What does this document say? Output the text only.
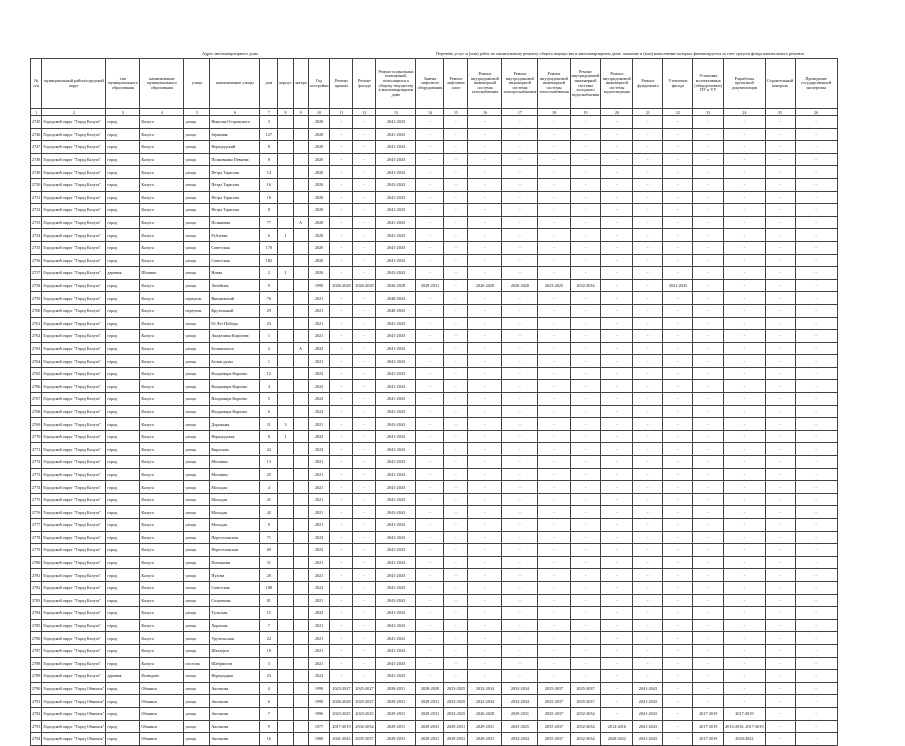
Адрес многоквартирного дома	Перечень услуг и (или) работ по капитальному ремонту общего имущества в многоквартирном доме, оказание и (или) выполнение которых финансируется за счет средств фонда капитального ремонта
№ п/п	муниципальный район/городской округ	тип муниципального образования	наименование муниципального образования	улица	наименование улицы	дом	корпус	литера	Год постройки	Ремонт крыши	Ремонт фасада	Ремонт подвальных помещений, относящихся к общему имуществу в многоквартирном доме	Замена лифтового оборудования	Ремонт лифтовых шахт	Ремонт внутридомовой инженерной системы газоснабжения	Ремонт внутридомовой инженерной системы электроснабжения	Ремонт внутридомовой инженерной системы теплоснабжения	Ремонт внутридомовой инженерной системы холодного водоснабжения	Ремонт внутридомовой инженерной системы водоотведения	Ремонт фундамента	Утепление фасада	Установка коллективных (общедомовых) ПУ и УУ	Разработка проектной документации	Строительный контроль	Проведение государственной экспертизы
1	2	3	4	5	6	7	8	9	10	11	12	13	14	15	16	17	18	19	20	21	22	23	24	25	26
2745	Городской округ "Город Калуга"	город	Калуга	улица	Николая Островского	3			2020	-	-	2041-2043	-	-	-	-	-	-	-	-	-	-	-	-	-
2746	Городской округ "Город Калуга"	город	Калуга	улица	Зерновая	127			2020	-	-	2041-2043	-	-	-	-	-	-	-	-	-	-	-	-	-
2747	Городской округ "Город Калуга"	город	Калуга	улица	Неркундский	8			2020	-	-	2041-2043	-	-	-	-	-	-	-	-	-	-	-	-	-
2748	Городской округ "Город Калуга"	город	Калуга	улица	Полковника Певнева	8			2020	-	-	2041-2043	-	-	-	-	-	-	-	-	-	-	-	-	-
2749	Городской округ "Город Калуга"	город	Калуга	улица	Петра Тарасова	14			2020	-	-	2041-2043	-	-	-	-	-	-	-	-	-	-	-	-	-
2750	Городской округ "Город Калуга"	город	Калуга	улица	Петра Тарасова	16			2020	-	-	2041-2043	-	-	-	-	-	-	-	-	-	-	-	-	-
2751	Городской округ "Город Калуга"	город	Калуга	улица	Петра Тарасова	18			2020	-	-	2041-2043	-	-	-	-	-	-	-	-	-	-	-	-	-
2752	Городской округ "Город Калуга"	город	Калуга	улица	Петра Тарасова	8			2020	-	-	2041-2043	-	-	-	-	-	-	-	-	-	-	-	-	-
2753	Городской округ "Город Калуга"	город	Калуга	улица	Поляковая	77		А	2020	-	-	2041-2043	-	-	-	-	-	-	-	-	-	-	-	-	-
2754	Городской округ "Город Калуга"	город	Калуга	улица	Рублевка	6	1		2020	-	-	2041-2043	-	-	-	-	-	-	-	-	-	-	-	-	-
2755	Городской округ "Город Калуга"	город	Калуга	улица	Советская	170			2020	-	-	2041-2043	-	-	-	-	-	-	-	-	-	-	-	-	-
2756	Городской округ "Город Калуга"	город	Калуга	улица	Советская	182			2020	-	-	2041-2043	-	-	-	-	-	-	-	-	-	-	-	-	-
2757	Городской округ "Город Калуга"	деревня	Шопино	улица	Новая	2	1		2020	-	-	2041-2043	-	-	-	-	-	-	-	-	-	-	-	-	-
2758	Городской округ "Город Калуга"	город	Калуга	улица	Литейная	9			1999	2026-2028	2026-2028	2026-2028	2029-2031	-	2026-2028	2026-2028	2023-2025	2032-2034	-	-	2041-2043	-	-	-	-
2759	Городской округ "Город Калуга"	город	Калуга	переулок	Вишневский	76			2021	-	-	2040-2043	-	-	-	-	-	-	-	-	-	-	-	-	-
2760	Городской округ "Город Калуга"	город	Калуга	переулок	Крутольный	29			2021	-	-	2040-2043	-	-	-	-	-	-	-	-	-	-	-	-	-
2761	Городской округ "Город Калуга"	город	Калуга	улица	65 Лет Победы	23			2021	-	-	2041-2043	-	-	-	-	-	-	-	-	-	-	-	-	-
2762	Городской округ "Город Калуга"	город	Калуга	улица	Академика Королева	1			2021	-	-	2041-2043	-	-	-	-	-	-	-	-	-	-	-	-	-
2763	Городской округ "Город Калуга"	город	Калуга	улица	Бельмонтого	2		А	2022	-	-	2041-2043	-	-	-	-	-	-	-	-	-	-	-	-	-
2764	Городской округ "Город Калуга"	город	Калуга	улица	Белые руны	1			2021	-	-	2041-2043	-	-	-	-	-	-	-	-	-	-	-	-	-
2765	Городской округ "Город Калуга"	город	Калуга	улица	Владимира Короева	12			2022	-	-	2041-2043	-	-	-	-	-	-	-	-	-	-	-	-	-
2766	Городской округ "Город Калуга"	город	Калуга	улица	Владимира Короева	4			2022	-	-	2041-2043	-	-	-	-	-	-	-	-	-	-	-	-	-
2767	Городской округ "Город Калуга"	город	Калуга	улица	Владимира Короева	5			2022	-	-	2041-2043	-	-	-	-	-	-	-	-	-	-	-	-	-
2768	Городской округ "Город Калуга"	город	Калуга	улица	Владимира Короева	6			2022	-	-	2041-2043	-	-	-	-	-	-	-	-	-	-	-	-	-
2769	Городской округ "Город Калуга"	город	Калуга	улица	Дорожная	11	3		2021	-	-	2041-2043	-	-	-	-	-	-	-	-	-	-	-	-	-
2770	Городской округ "Город Калуга"	город	Калуга	улица	Неркундская	8	1		2022	-	-	2041-2043	-	-	-	-	-	-	-	-	-	-	-	-	-
2771	Городской округ "Город Калуга"	город	Калуга	улица	Кирилова	22			2022	-	-	2041-2043	-	-	-	-	-	-	-	-	-	-	-	-	-
2772	Городской округ "Город Калуга"	город	Калуга	улица	Москвин	13			2021	-	-	2041-2043	-	-	-	-	-	-	-	-	-	-	-	-	-
2773	Городской округ "Город Калуга"	город	Калуга	улица	Москвин	25			2021	-	-	2041-2043	-	-	-	-	-	-	-	-	-	-	-	-	-
2774	Городской округ "Город Калуга"	город	Калуга	улица	Молодая	4			2021	-	-	2041-2043	-	-	-	-	-	-	-	-	-	-	-	-	-
2775	Городской округ "Город Калуга"	город	Калуга	улица	Молодая	41			2021	-	-	2041-2043	-	-	-	-	-	-	-	-	-	-	-	-	-
2776	Городской округ "Город Калуга"	город	Калуга	улица	Молодая	42			2021	-	-	2041-2043	-	-	-	-	-	-	-	-	-	-	-	-	-
2777	Городской округ "Город Калуга"	город	Калуга	улица	Молодая	9			2021	-	-	2041-2043	-	-	-	-	-	-	-	-	-	-	-	-	-
2778	Городской округ "Город Калуга"	город	Калуга	улица	Переселенская	71			2022	-	-	2041-2043	-	-	-	-	-	-	-	-	-	-	-	-	-
2779	Городской округ "Город Калуга"	город	Калуга	улица	Переселенская	69			2022	-	-	2041-2043	-	-	-	-	-	-	-	-	-	-	-	-	-
2780	Городской округ "Город Калуга"	город	Калуга	улица	Плеханова	31			2021	-	-	2041-2043	-	-	-	-	-	-	-	-	-	-	-	-	-
2781	Городской округ "Город Калуга"	город	Калуга	улица	Пухова	20			2021	-	-	2041-2043	-	-	-	-	-	-	-	-	-	-	-	-	-
2782	Городской округ "Город Калуга"	город	Калуга	улица	Советская	188			2022	-	-	2041-2043	-	-	-	-	-	-	-	-	-	-	-	-	-
2783	Городской округ "Город Калуга"	город	Калуга	улица	Солнечная	81			2021	-	-	2041-2043	-	-	-	-	-	-	-	-	-	-	-	-	-
2784	Городской округ "Город Калуга"	город	Калуга	улица	Тульская	15			2022	-	-	2041-2043	-	-	-	-	-	-	-	-	-	-	-	-	-
2785	Городской округ "Город Калуга"	город	Калуга	улица	Хорошая	7			2021	-	-	2041-2043	-	-	-	-	-	-	-	-	-	-	-	-	-
2786	Городской округ "Город Калуга"	город	Калуга	улица	Уручельская	22			2021	-	-	2041-2043	-	-	-	-	-	-	-	-	-	-	-	-	-
2787	Городской округ "Город Калуга"	город	Калуга	улица	Шахтерск	10			2021	-	-	2041-2043	-	-	-	-	-	-	-	-	-	-	-	-	-
2788	Городской округ "Город Калуга"	город	Калуга	поселок	Шабрмогов	3			2021	-	-	2041-2043	-	-	-	-	-	-	-	-	-	-	-	-	-
2789	Городской округ "Город Калуга"	деревня	Колюдово	улица	Неркундная	23			2022	-	-	2041-2043	-	-	-	-	-	-	-	-	-	-	-	-	-
2790	Городской округ "Город Обнинск"	город	Обнинск	улица	Аксенова	4			1999	2023-2027	2025-2027	2029-2031	2028-2029	2023-2025	2032-2034	2032-2034	2035-2037	2035-2037	-	2041-2043	-	-	-	-	-
2791	Городской округ "Город Обнинск"	город	Обнинск	улица	Аксенова	6			1999	2026-2028	2025-2027	2029-2031	2029-2031	2023-2025	2032-2034	2032-2034	2035-2037	2035-2037	-	2041-2043	-	-	-	-	-
2792	Городской округ "Город Обнинск"	город	Обнинск	улица	Аксенова	7			1996	2023-2025	2023-2025	2029-2031	2029-2031	2023-2025	2026-2028	2029-2031	2035-2037	2032-2034	-	2041-2043	-	2017-2019	2017-2019	-	-
2793	Городской округ "Город Обнинск"	город	Обнинск	улица	Аксенова	9			1977	2017-2019	2032-2034	2029-2031	2029-2031	2029-2031	2029-2031	2023-2025	2035-2037	2032-2034	2014-2016	2041-2043	-	2017-2019	2014-2016, 2017-2019	-	-
2794	Городской округ "Город Обнинск"	город	Обнинск	улица	Аксенова	16			1980	2041-2043	2035-2037	2029-2031	2029-2031	2029-2031	2029-2031	2032-2034	2035-2037	2032-2034	2020-2022	2041-2043	-	2017-2019	2020-2022	-	-
